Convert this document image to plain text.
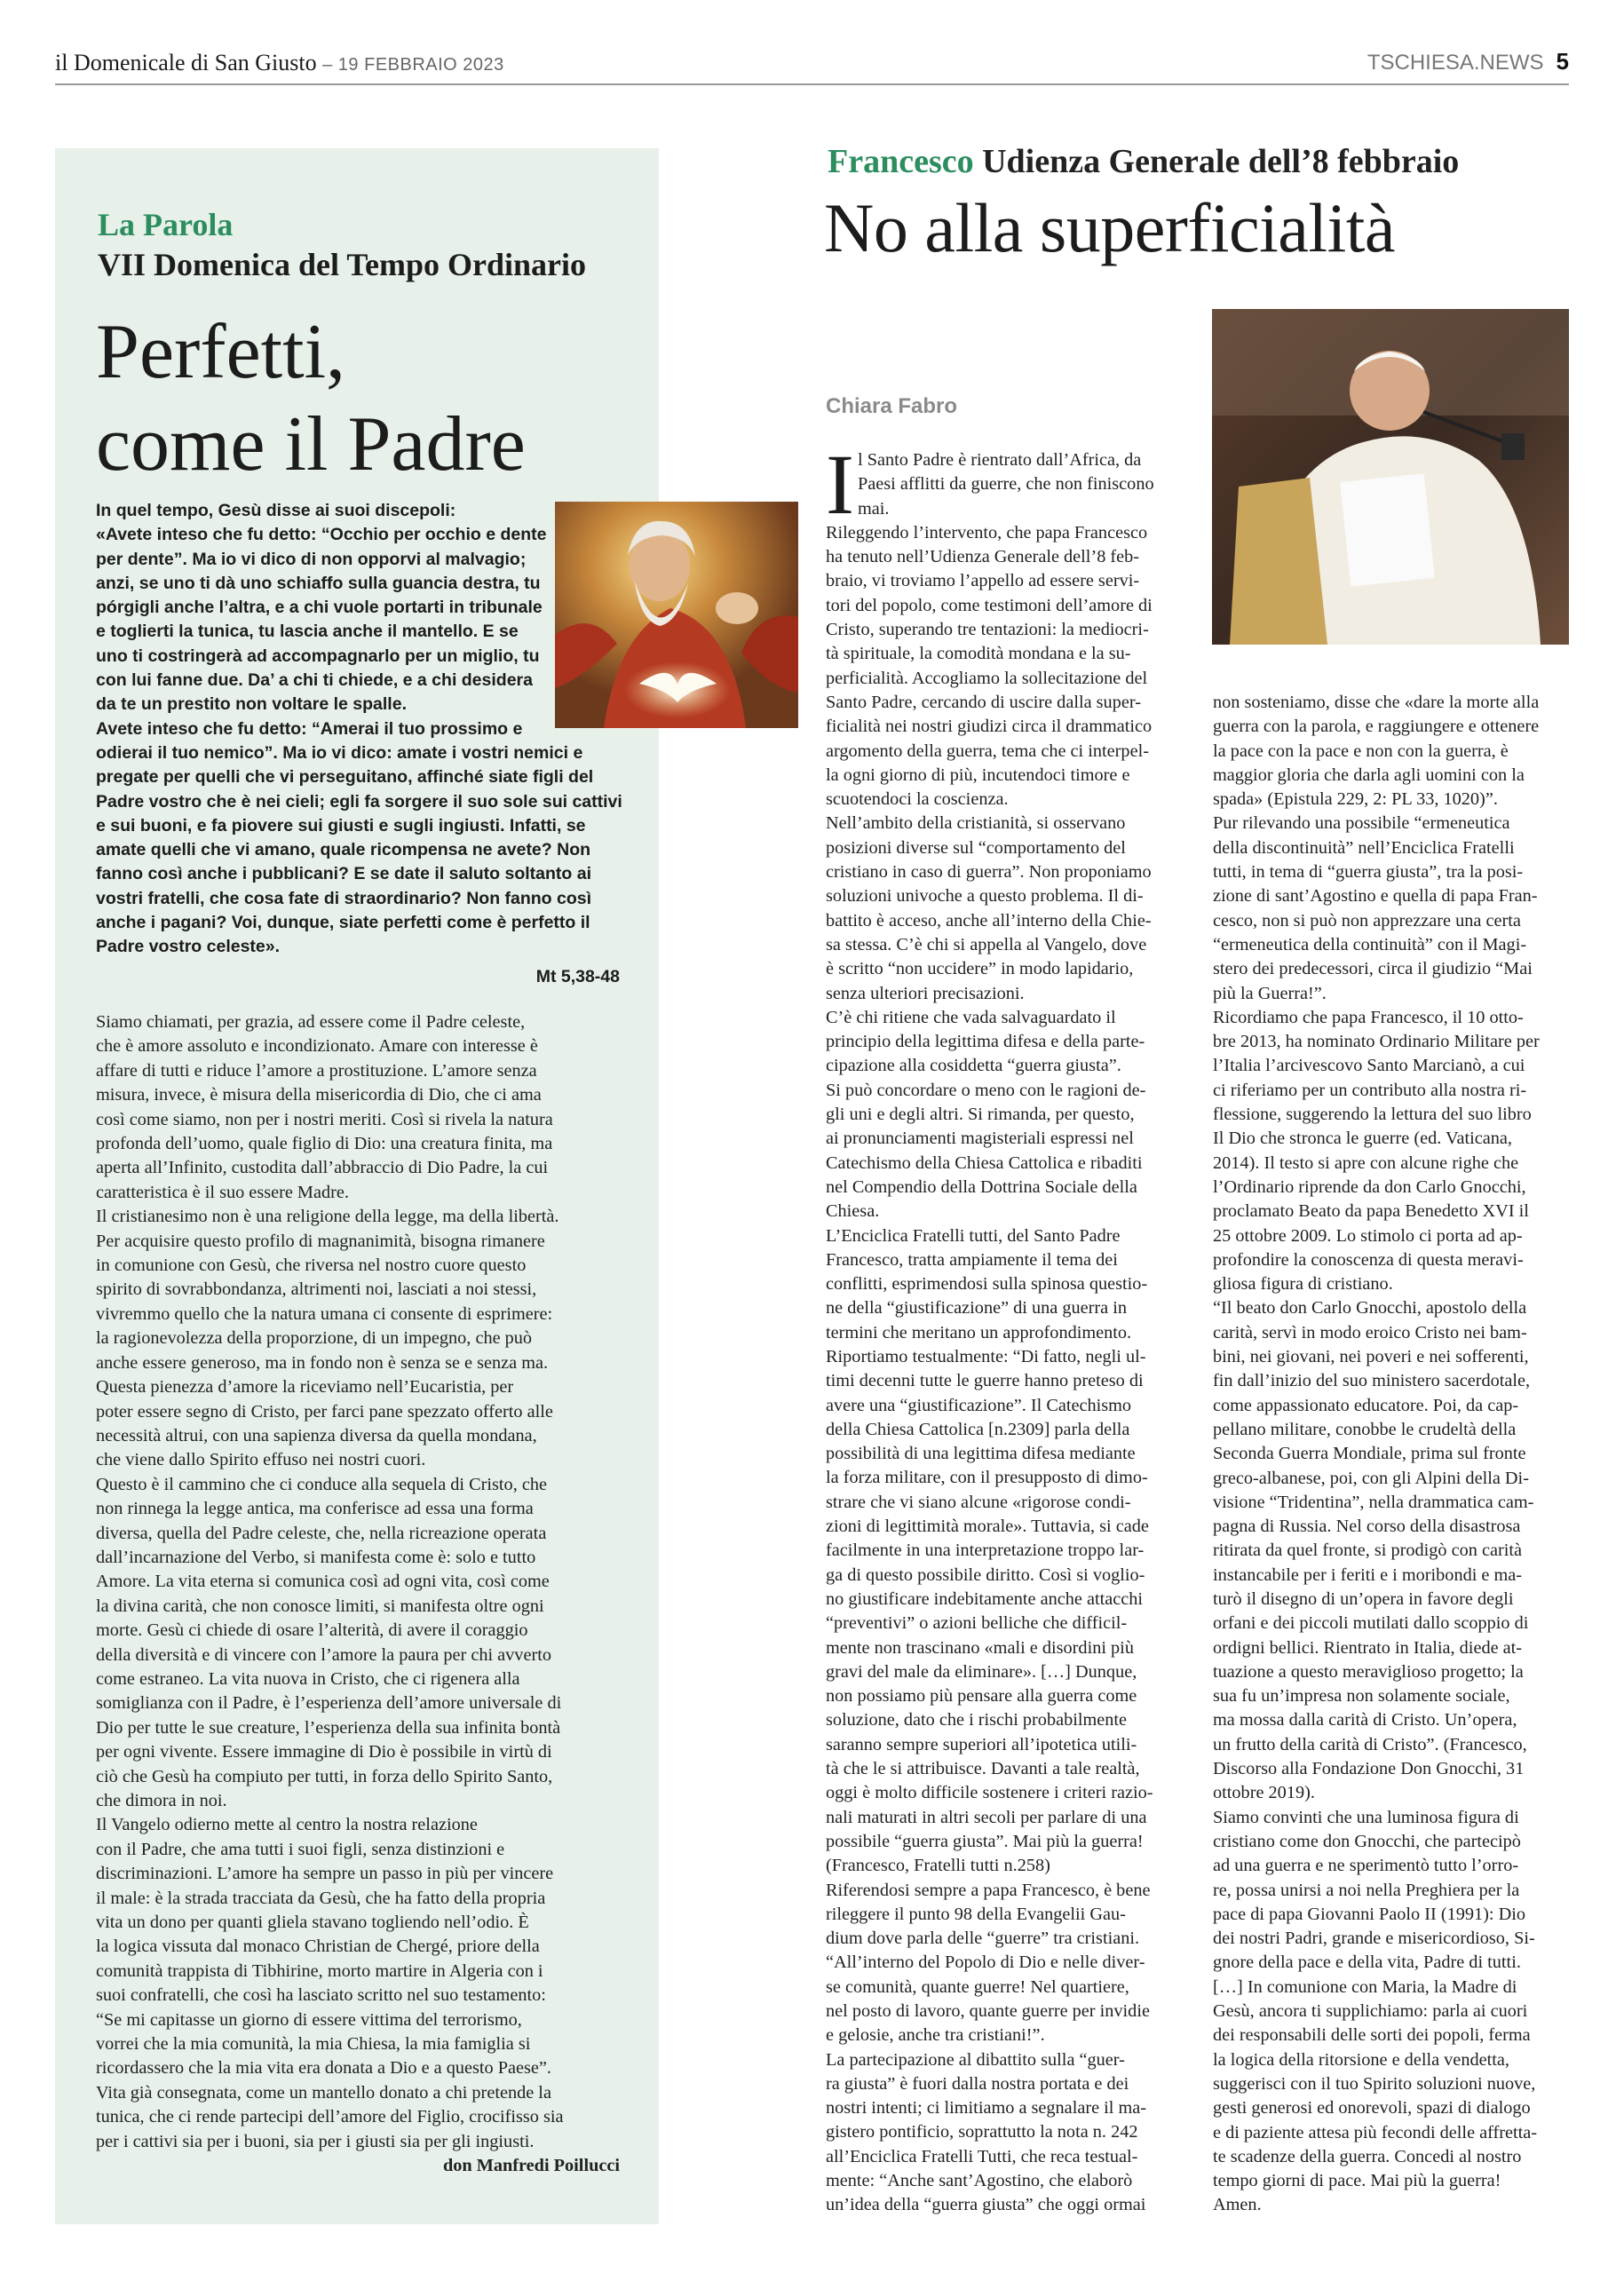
il Domenicale di San Giusto – 19 FEBBRAIO 2023	TSCHIESA.NEWS 5
La Parola
VII Domenica del Tempo Ordinario
Perfetti,
come il Padre
In quel tempo, Gesù disse ai suoi discepoli:
«Avete inteso che fu detto: “Occhio per occhio e dente
per dente”. Ma io vi dico di non opporvi al malvagio;
anzi, se uno ti dà uno schiaffo sulla guancia destra, tu
pórgigli anche l’altra, e a chi vuole portarti in tribunale
e toglierti la tunica, tu lascia anche il mantello. E se
uno ti costringerà ad accompagnarlo per un miglio, tu
con lui fanne due. Da’ a chi ti chiede, e a chi desidera
da te un prestito non voltare le spalle.
Avete inteso che fu detto: “Amerai il tuo prossimo e
odierai il tuo nemico”. Ma io vi dico: amate i vostri nemici e
pregate per quelli che vi perseguitano, affinché siate figli del
Padre vostro che è nei cieli; egli fa sorgere il suo sole sui cattivi
e sui buoni, e fa piovere sui giusti e sugli ingiusti. Infatti, se
amate quelli che vi amano, quale ricompensa ne avete? Non
fanno così anche i pubblicani? E se date il saluto soltanto ai
vostri fratelli, che cosa fate di straordinario? Non fanno così
anche i pagani? Voi, dunque, siate perfetti come è perfetto il
Padre vostro celeste».
Mt 5,38-48
Siamo chiamati, per grazia, ad essere come il Padre celeste,
che è amore assoluto e incondizionato. Amare con interesse è
affare di tutti e riduce l’amore a prostituzione. L’amore senza
misura, invece, è misura della misericordia di Dio, che ci ama
così come siamo, non per i nostri meriti. Così si rivela la natura
profonda dell’uomo, quale figlio di Dio: una creatura finita, ma
aperta all’Infinito, custodita dall’abbraccio di Dio Padre, la cui
caratteristica è il suo essere Madre.
Il cristianesimo non è una religione della legge, ma della libertà.
Per acquisire questo profilo di magnanimità, bisogna rimanere
in comunione con Gesù, che riversa nel nostro cuore questo
spirito di sovrabbondanza, altrimenti noi, lasciati a noi stessi,
vivremmo quello che la natura umana ci consente di esprimere:
la ragionevolezza della proporzione, di un impegno, che può
anche essere generoso, ma in fondo non è senza se e senza ma.
Questa pienezza d’amore la riceviamo nell’Eucaristia, per
poter essere segno di Cristo, per farci pane spezzato offerto alle
necessità altrui, con una sapienza diversa da quella mondana,
che viene dallo Spirito effuso nei nostri cuori.
Questo è il cammino che ci conduce alla sequela di Cristo, che
non rinnega la legge antica, ma conferisce ad essa una forma
diversa, quella del Padre celeste, che, nella ricreazione operata
dall’incarnazione del Verbo, si manifesta come è: solo e tutto
Amore. La vita eterna si comunica così ad ogni vita, così come
la divina carità, che non conosce limiti, si manifesta oltre ogni
morte. Gesù ci chiede di osare l’alterità, di avere il coraggio
della diversità e di vincere con l’amore la paura per chi avverto
come estraneo. La vita nuova in Cristo, che ci rigenera alla
somiglianza con il Padre, è l’esperienza dell’amore universale di
Dio per tutte le sue creature, l’esperienza della sua infinita bontà
per ogni vivente. Essere immagine di Dio è possibile in virtù di
ciò che Gesù ha compiuto per tutti, in forza dello Spirito Santo,
che dimora in noi.
Il Vangelo odierno mette al centro la nostra relazione
con il Padre, che ama tutti i suoi figli, senza distinzioni e
discriminazioni. L’amore ha sempre un passo in più per vincere
il male: è la strada tracciata da Gesù, che ha fatto della propria
vita un dono per quanti gliela stavano togliendo nell’odio. È
la logica vissuta dal monaco Christian de Chergé, priore della
comunità trappista di Tibhirine, morto martire in Algeria con i
suoi confratelli, che così ha lasciato scritto nel suo testamento:
“Se mi capitasse un giorno di essere vittima del terrorismo,
vorrei che la mia comunità, la mia Chiesa, la mia famiglia si
ricordassero che la mia vita era donata a Dio e a questo Paese”.
Vita già consegnata, come un mantello donato a chi pretende la
tunica, che ci rende partecipi dell’amore del Figlio, crocifisso sia
per i cattivi sia per i buoni, sia per i giusti sia per gli ingiusti.
don Manfredi Poillucci
Francesco Udienza Generale dell’8 febbraio
No alla superficialità
Chiara Fabro
I l Santo Padre è rientrato dall’Africa, da
Paesi afflitti da guerre, che non finiscono
mai.
Rileggendo l’intervento, che papa Francesco
ha tenuto nell’Udienza Generale dell’8 feb-
braio, vi troviamo l’appello ad essere servi-
tori del popolo, come testimoni dell’amore di
Cristo, superando tre tentazioni: la mediocri-
tà spirituale, la comodità mondana e la su-
perficialità. Accogliamo la sollecitazione del
Santo Padre, cercando di uscire dalla super-
ficialità nei nostri giudizi circa il drammatico
argomento della guerra, tema che ci interpel-
la ogni giorno di più, incutendoci timore e
scuotendoci la coscienza.
Nell’ambito della cristianità, si osservano
posizioni diverse sul “comportamento del
cristiano in caso di guerra”. Non proponiamo
soluzioni univoche a questo problema. Il di-
battito è acceso, anche all’interno della Chie-
sa stessa. C’è chi si appella al Vangelo, dove
è scritto “non uccidere” in modo lapidario,
senza ulteriori precisazioni.
C’è chi ritiene che vada salvaguardato il
principio della legittima difesa e della parte-
cipazione alla cosiddetta “guerra giusta”.
Si può concordare o meno con le ragioni de-
gli uni e degli altri. Si rimanda, per questo,
ai pronunciamenti magisteriali espressi nel
Catechismo della Chiesa Cattolica e ribaditi
nel Compendio della Dottrina Sociale della
Chiesa.
L’Enciclica Fratelli tutti, del Santo Padre
Francesco, tratta ampiamente il tema dei
conflitti, esprimendosi sulla spinosa questio-
ne della “giustificazione” di una guerra in
termini che meritano un approfondimento.
Riportiamo testualmente: “Di fatto, negli ul-
timi decenni tutte le guerre hanno preteso di
avere una “giustificazione”. Il Catechismo
della Chiesa Cattolica [n.2309] parla della
possibilità di una legittima difesa mediante
la forza militare, con il presupposto di dimo-
strare che vi siano alcune «rigorose condi-
zioni di legittimità morale». Tuttavia, si cade
facilmente in una interpretazione troppo lar-
ga di questo possibile diritto. Così si voglio-
no giustificare indebitamente anche attacchi
“preventivi” o azioni belliche che difficil-
mente non trascinano «mali e disordini più
gravi del male da eliminare». […] Dunque,
non possiamo più pensare alla guerra come
soluzione, dato che i rischi probabilmente
saranno sempre superiori all’ipotetica utili-
tà che le si attribuisce. Davanti a tale realtà,
oggi è molto difficile sostenere i criteri razio-
nali maturati in altri secoli per parlare di una
possibile “guerra giusta”. Mai più la guerra!
(Francesco, Fratelli tutti n.258)
Riferendosi sempre a papa Francesco, è bene
rileggere il punto 98 della Evangelii Gau-
dium dove parla delle “guerre” tra cristiani.
“All’interno del Popolo di Dio e nelle diver-
se comunità, quante guerre! Nel quartiere,
nel posto di lavoro, quante guerre per invidie
e gelosie, anche tra cristiani!”.
La partecipazione al dibattito sulla “guer-
ra giusta” è fuori dalla nostra portata e dei
nostri intenti; ci limitiamo a segnalare il ma-
gistero pontificio, soprattutto la nota n. 242
all’Enciclica Fratelli Tutti, che reca testual-
mente: “Anche sant’Agostino, che elaborò
un’idea della “guerra giusta” che oggi ormai
non sosteniamo, disse che «dare la morte alla
guerra con la parola, e raggiungere e ottenere
la pace con la pace e non con la guerra, è
maggior gloria che darla agli uomini con la
spada» (Epistula 229, 2: PL 33, 1020)”.
Pur rilevando una possibile “ermeneutica
della discontinuità” nell’Enciclica Fratelli
tutti, in tema di “guerra giusta”, tra la posi-
zione di sant’Agostino e quella di papa Fran-
cesco, non si può non apprezzare una certa
“ermeneutica della continuità” con il Magi-
stero dei predecessori, circa il giudizio “Mai
più la Guerra!”.
Ricordiamo che papa Francesco, il 10 otto-
bre 2013, ha nominato Ordinario Militare per
l’Italia l’arcivescovo Santo Marcianò, a cui
ci riferiamo per un contributo alla nostra ri-
flessione, suggerendo la lettura del suo libro
Il Dio che stronca le guerre (ed. Vaticana,
2014). Il testo si apre con alcune righe che
l’Ordinario riprende da don Carlo Gnocchi,
proclamato Beato da papa Benedetto XVI il
25 ottobre 2009. Lo stimolo ci porta ad ap-
profondire la conoscenza di questa meravi-
gliosa figura di cristiano.
“Il beato don Carlo Gnocchi, apostolo della
carità, servì in modo eroico Cristo nei bam-
bini, nei giovani, nei poveri e nei sofferenti,
fin dall’inizio del suo ministero sacerdotale,
come appassionato educatore. Poi, da cap-
pellano militare, conobbe le crudeltà della
Seconda Guerra Mondiale, prima sul fronte
greco-albanese, poi, con gli Alpini della Di-
visione “Tridentina”, nella drammatica cam-
pagna di Russia. Nel corso della disastrosa
ritirata da quel fronte, si prodigò con carità
instancabile per i feriti e i moribondi e ma-
turò il disegno di un’opera in favore degli
orfani e dei piccoli mutilati dallo scoppio di
ordigni bellici. Rientrato in Italia, diede at-
tuazione a questo meraviglioso progetto; la
sua fu un’impresa non solamente sociale,
ma mossa dalla carità di Cristo. Un’opera,
un frutto della carità di Cristo”. (Francesco,
Discorso alla Fondazione Don Gnocchi, 31
ottobre 2019).
Siamo convinti che una luminosa figura di
cristiano come don Gnocchi, che partecipò
ad una guerra e ne sperimentò tutto l’orro-
re, possa unirsi a noi nella Preghiera per la
pace di papa Giovanni Paolo II (1991): Dio
dei nostri Padri, grande e misericordioso, Si-
gnore della pace e della vita, Padre di tutti.
[…] In comunione con Maria, la Madre di
Gesù, ancora ti supplichiamo: parla ai cuori
dei responsabili delle sorti dei popoli, ferma
la logica della ritorsione e della vendetta,
suggerisci con il tuo Spirito soluzioni nuove,
gesti generosi ed onorevoli, spazi di dialogo
e di paziente attesa più fecondi delle affretta-
te scadenze della guerra. Concedi al nostro
tempo giorni di pace. Mai più la guerra!
Amen.
